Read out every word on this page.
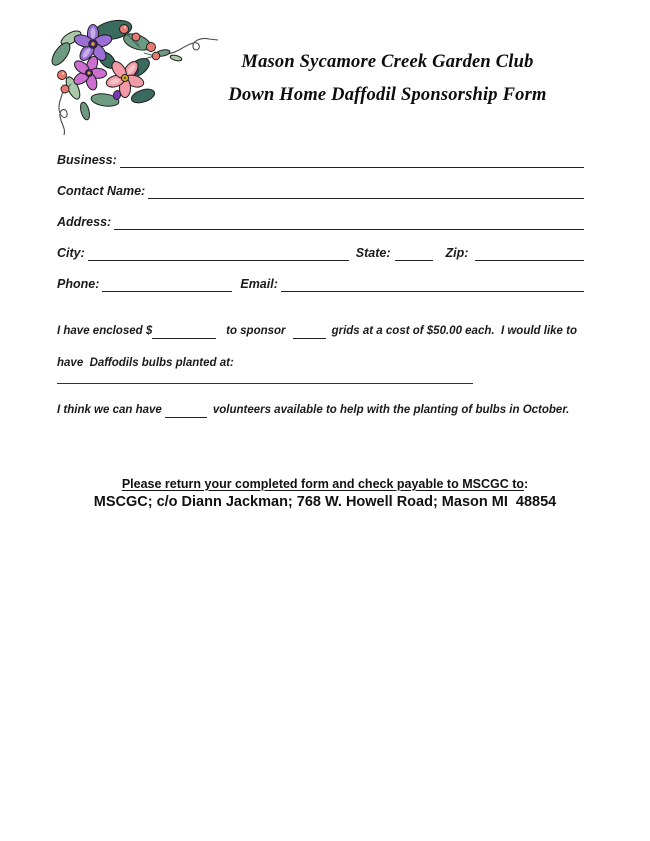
Mason Sycamore Creek Garden Club
Down Home Daffodil Sponsorship Form
Business:
Contact Name:
Address:
City:	State:	Zip:
Phone:	Email:
I have enclosed $	to sponsor	grids at a cost of $50.00 each.  I would like to
have  Daffodils bulbs planted at:
I think we can have	volunteers available to help with the planting of bulbs in October.
Please return your completed form and check payable to MSCGC to:
MSCGC; c/o Diann Jackman; 768 W. Howell Road; Mason MI  48854
